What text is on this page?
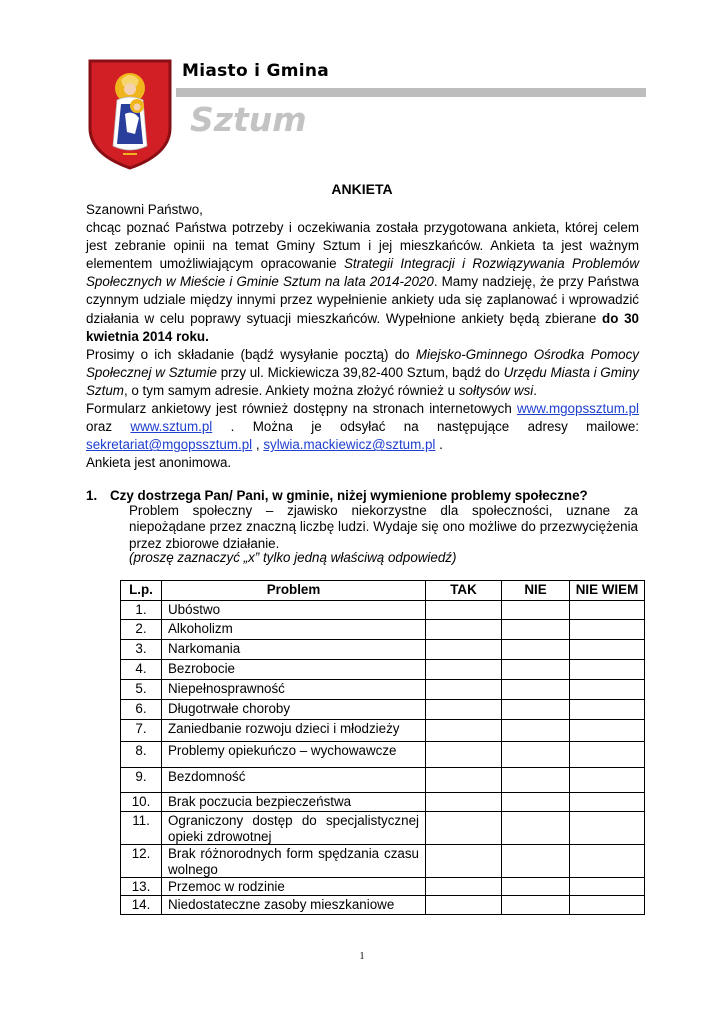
Miasto i Gmina
Sztum
ANKIETA

Szanowni Państwo,

chcąc poznać Państwa potrzeby i oczekiwania została przygotowana ankieta, której celem jest zebranie opinii na temat Gminy Sztum i jej mieszkańców. Ankieta ta jest ważnym elementem umożliwiającym opracowanie Strategii Integracji i Rozwiązywania Problemów Społecznych w Mieście i Gminie Sztum na lata 2014-2020. Mamy nadzieję, że przy Państwa czynnym udziale między innymi przez wypełnienie ankiety uda się zaplanować i wprowadzić działania w celu poprawy sytuacji mieszkańców. Wypełnione ankiety będą zbierane do 30 kwietnia 2014 roku.

Prosimy o ich składanie (bądź wysyłanie pocztą) do Miejsko-Gminnego Ośrodka Pomocy Społecznej w Sztumie przy ul. Mickiewicza 39,82-400 Sztum, bądź do Urzędu Miasta i Gminy Sztum, o tym samym adresie. Ankiety można złożyć również u sołtysów wsi.

Formularz ankietowy jest również dostępny na stronach internetowych www.mgopssztum.pl oraz www.sztum.pl . Można je odsyłać na następujące adresy mailowe: sekretariat@mgopssztum.pl , sylwia.mackiewicz@sztum.pl .

Ankieta jest anonimowa.

1. Czy dostrzega Pan/ Pani, w gminie, niżej wymienione problemy społeczne?

Problem społeczny – zjawisko niekorzystne dla społeczności, uznane za niepożądane przez znaczną liczbę ludzi. Wydaje się ono możliwe do przezwyciężenia przez zbiorowe działanie.

(proszę zaznaczyć „x” tylko jedną właściwą odpowiedź)
L.p.	Problem	TAK	NIE	NIE WIEM
1.	Ubóstwo			
2.	Alkoholizm			
3.	Narkomania			
4.	Bezrobocie			
5.	Niepełnosprawność			
6.	Długotrwałe choroby			
7.	Zaniedbanie rozwoju dzieci i młodzieży			
8.	Problemy opiekuńczo – wychowawcze			
9.	Bezdomność			
10.	Brak poczucia bezpieczeństwa			
11.	Ograniczony dostęp do specjalistycznej opieki zdrowotnej			
12.	Brak różnorodnych form spędzania czasu wolnego			
13.	Przemoc w rodzinie			
14.	Niedostateczne zasoby mieszkaniowe			
1
